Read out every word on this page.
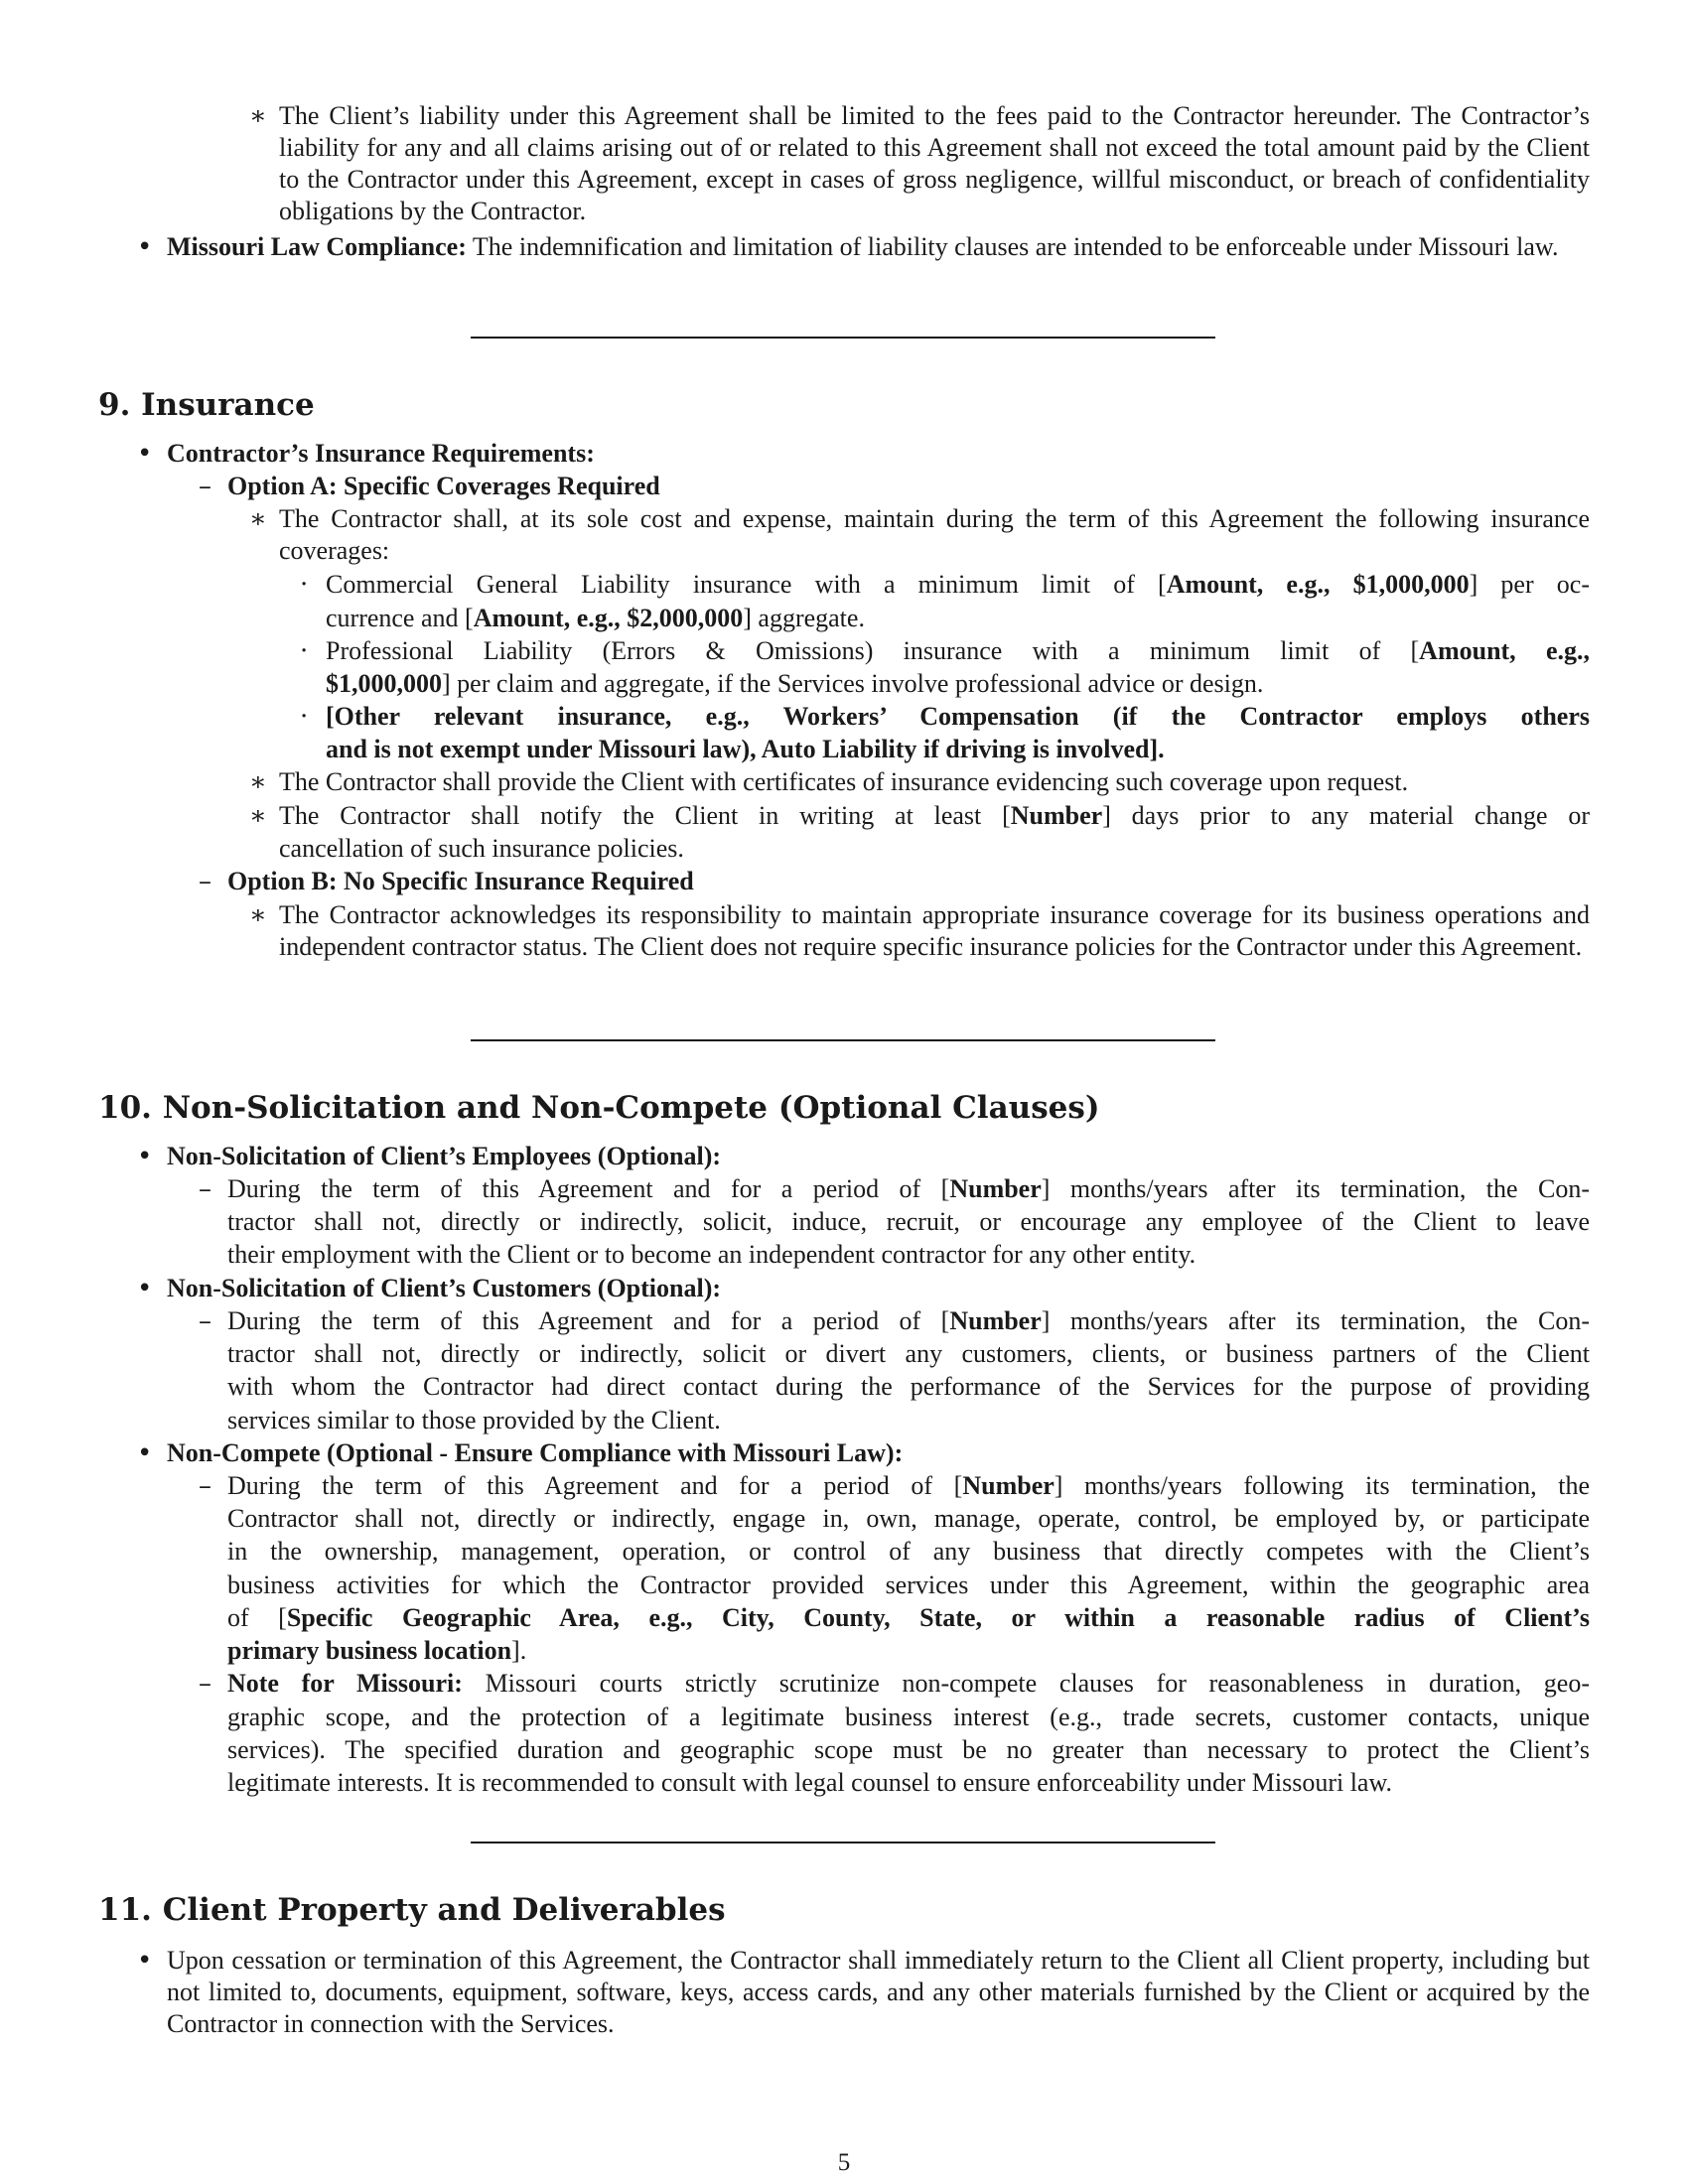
∗ The Client’s liability under this Agreement shall be limited to the fees paid to the Contractor hereunder. The Contractor’s liability for any and all claims arising out of or related to this Agreement shall not exceed the total amount paid by the Client to the Contractor under this Agreement, except in cases of gross negligence, willful misconduct, or breach of confidentiality obligations by the Contractor.
• Missouri Law Compliance: The indemnification and limitation of liability clauses are intended to be enforceable under Missouri law.
9. Insurance
• Contractor’s Insurance Requirements:
– Option A: Specific Coverages Required
∗ The Contractor shall, at its sole cost and expense, maintain during the term of this Agreement the following insurance coverages:
· Commercial General Liability insurance with a minimum limit of [Amount, e.g., $1,000,000] per oc-
currence and [Amount, e.g., $2,000,000] aggregate.
· Professional Liability (Errors & Omissions) insurance with a minimum limit of [Amount, e.g.,
$1,000,000] per claim and aggregate, if the Services involve professional advice or design.
· [Other relevant insurance, e.g., Workers’ Compensation (if the Contractor employs others
and is not exempt under Missouri law), Auto Liability if driving is involved].
∗ The Contractor shall provide the Client with certificates of insurance evidencing such coverage upon request.
∗ The Contractor shall notify the Client in writing at least [Number] days prior to any material change or
cancellation of such insurance policies.
– Option B: No Specific Insurance Required
∗ The Contractor acknowledges its responsibility to maintain appropriate insurance coverage for its business operations and independent contractor status. The Client does not require specific insurance policies for the Contractor under this Agreement.
10. Non-Solicitation and Non-Compete (Optional Clauses)
• Non-Solicitation of Client’s Employees (Optional):
– During the term of this Agreement and for a period of [Number] months/years after its termination, the Con-
tractor shall not, directly or indirectly, solicit, induce, recruit, or encourage any employee of the Client to leave
their employment with the Client or to become an independent contractor for any other entity.
• Non-Solicitation of Client’s Customers (Optional):
– During the term of this Agreement and for a period of [Number] months/years after its termination, the Con-
tractor shall not, directly or indirectly, solicit or divert any customers, clients, or business partners of the Client
with whom the Contractor had direct contact during the performance of the Services for the purpose of providing
services similar to those provided by the Client.
• Non-Compete (Optional - Ensure Compliance with Missouri Law):
– During the term of this Agreement and for a period of [Number] months/years following its termination, the
Contractor shall not, directly or indirectly, engage in, own, manage, operate, control, be employed by, or participate
in the ownership, management, operation, or control of any business that directly competes with the Client’s
business activities for which the Contractor provided services under this Agreement, within the geographic area
of [Specific Geographic Area, e.g., City, County, State, or within a reasonable radius of Client’s
primary business location].
– Note for Missouri: Missouri courts strictly scrutinize non-compete clauses for reasonableness in duration, geo-
graphic scope, and the protection of a legitimate business interest (e.g., trade secrets, customer contacts, unique
services). The specified duration and geographic scope must be no greater than necessary to protect the Client’s
legitimate interests. It is recommended to consult with legal counsel to ensure enforceability under Missouri law.
11. Client Property and Deliverables
• Upon cessation or termination of this Agreement, the Contractor shall immediately return to the Client all Client property, including but not limited to, documents, equipment, software, keys, access cards, and any other materials furnished by the Client or acquired by the Contractor in connection with the Services.
5
